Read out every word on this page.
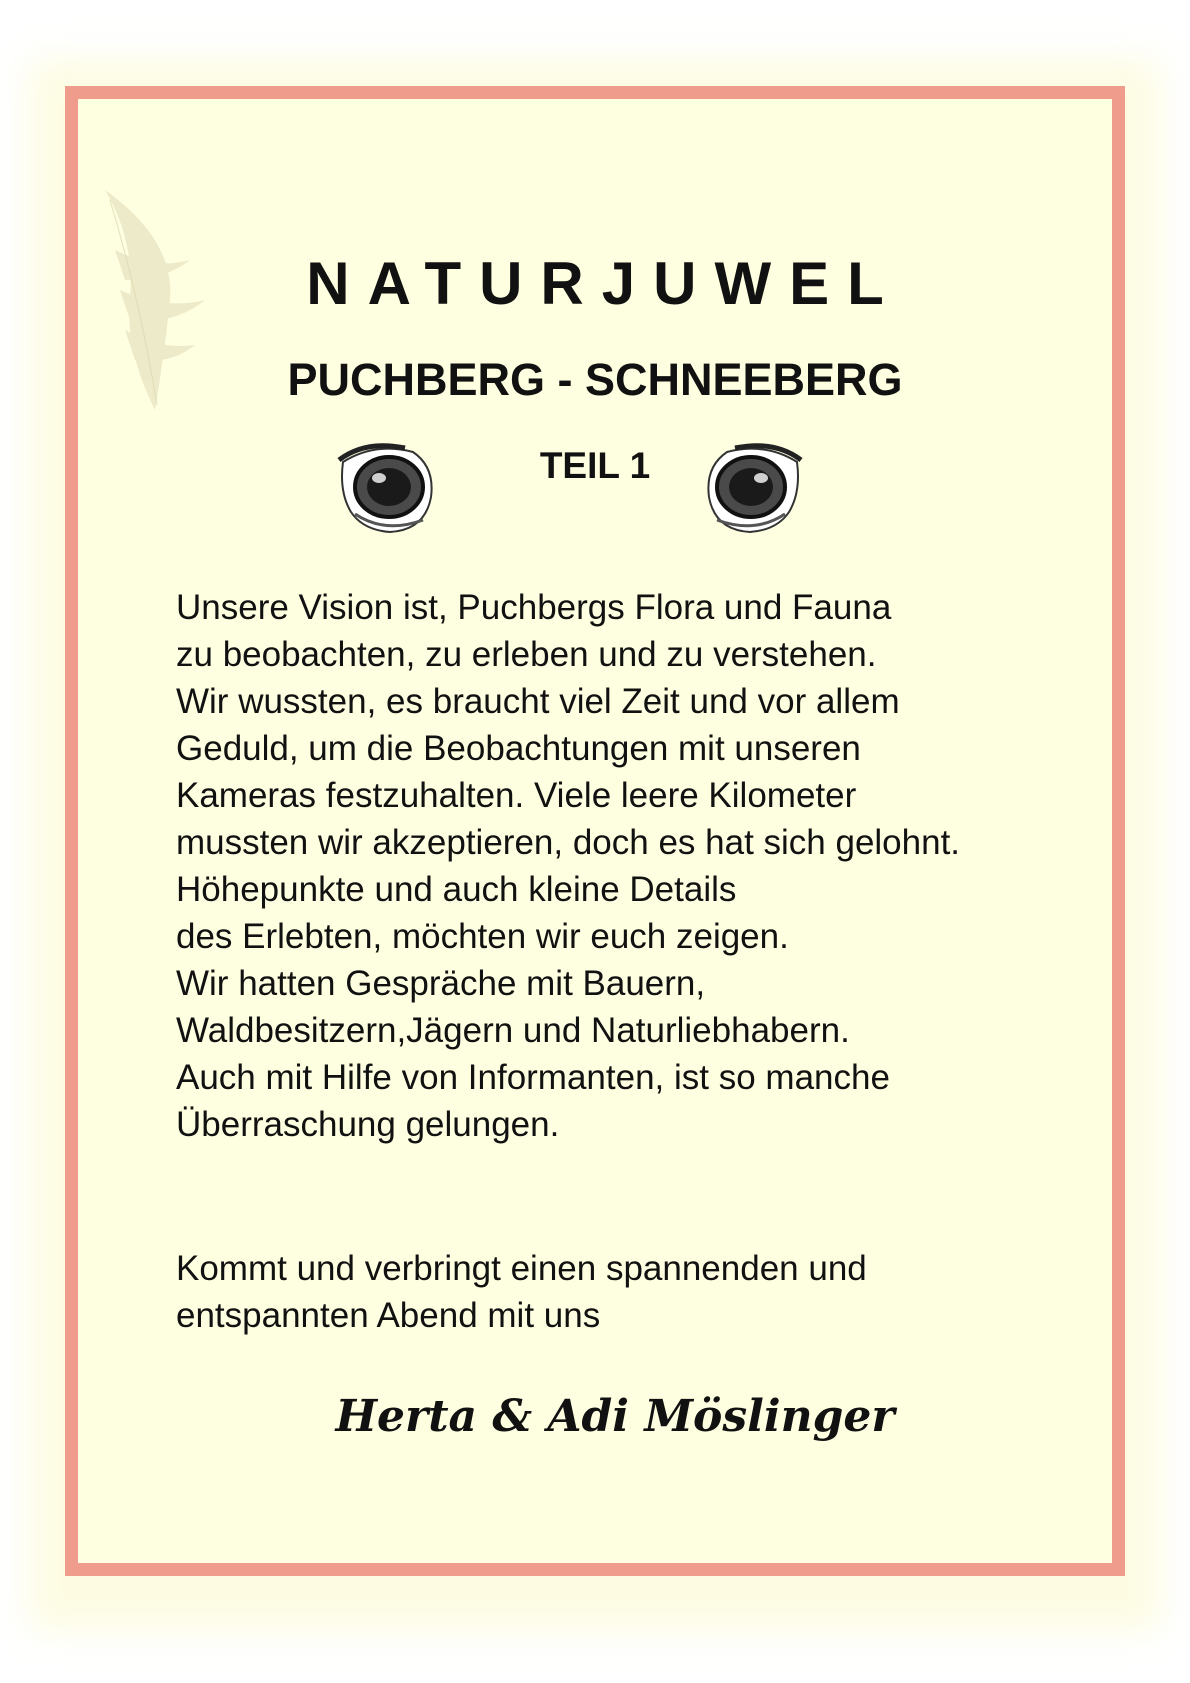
NATURJUWEL
PUCHBERG - SCHNEEBERG
TEIL 1
Unsere Vision ist, Puchbergs Flora und Fauna
zu beobachten, zu erleben und zu verstehen.
Wir wussten, es braucht viel Zeit und vor allem
Geduld, um die Beobachtungen mit unseren
Kameras festzuhalten. Viele leere Kilometer
mussten wir akzeptieren, doch es hat sich gelohnt.
Höhepunkte und auch kleine Details
des Erlebten, möchten wir euch zeigen.
Wir hatten Gespräche mit Bauern,
Waldbesitzern,Jägern und Naturliebhabern.
Auch mit Hilfe von Informanten, ist so manche
Überraschung gelungen.
Kommt und verbringt einen spannenden und
entspannten Abend mit uns
Herta & Adi Möslinger
